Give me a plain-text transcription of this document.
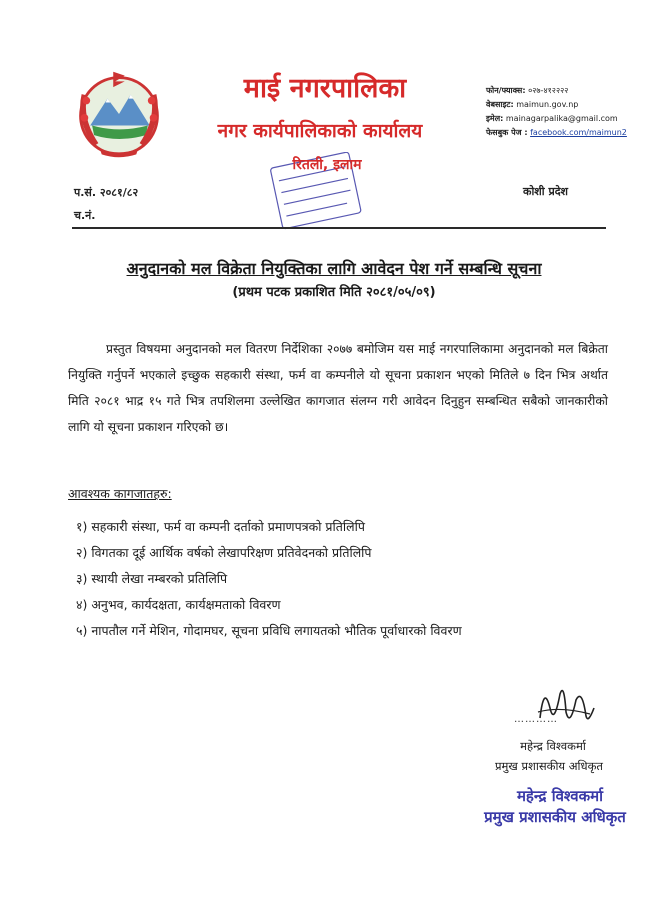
माई नगरपालिका
नगर कार्यपालिकाको कार्यालय
रितली, इलाम
फोन/फ्याक्स: ०२७-४१२२२२
वेबसाइट: maimun.gov.np
इमेल: mainagarpalika@gmail.com
फेसबुक पेज : facebook.com/maimun2
प.सं. २०८१/८२
च.नं.
कोशी प्रदेश
अनुदानको मल विक्रेता नियुक्तिका लागि आवेदन पेश गर्ने सम्बन्धि सूचना
(प्रथम पटक प्रकाशित मिति २०८१/०५/०९)
प्रस्तुत विषयमा अनुदानको मल वितरण निर्देशिका २०७७ बमोजिम यस माई नगरपालिकामा अनुदानको मल बिक्रेता नियुक्ति गर्नुपर्ने भएकाले इच्छुक सहकारी संस्था, फर्म वा कम्पनीले यो सूचना प्रकाशन भएको मितिले ७ दिन भित्र अर्थात मिति २०८१ भाद्र १५ गते भित्र तपशिलमा उल्लेखित कागजात संलग्न गरी आवेदन दिनुहुन सम्बन्धित सबैको जानकारीको लागि यो सूचना प्रकाशन गरिएको छ।
आवश्यक कागजातहरु:
१) सहकारी संस्था, फर्म वा कम्पनी दर्ताको प्रमाणपत्रको प्रतिलिपि
२) विगतका दूई आर्थिक वर्षको लेखापरिक्षण प्रतिवेदनको प्रतिलिपि
३) स्थायी लेखा नम्बरको प्रतिलिपि
४) अनुभव, कार्यदक्षता, कार्यक्षमताको विवरण
५) नापतौल गर्ने मेशिन, गोदामघर, सूचना प्रविधि लगायतको भौतिक पूर्वाधारको विवरण
…………
महेन्द्र विश्वकर्मा
प्रमुख प्रशासकीय अधिकृत
महेन्द्र विश्वकर्मा
प्रमुख प्रशासकीय अधिकृत
